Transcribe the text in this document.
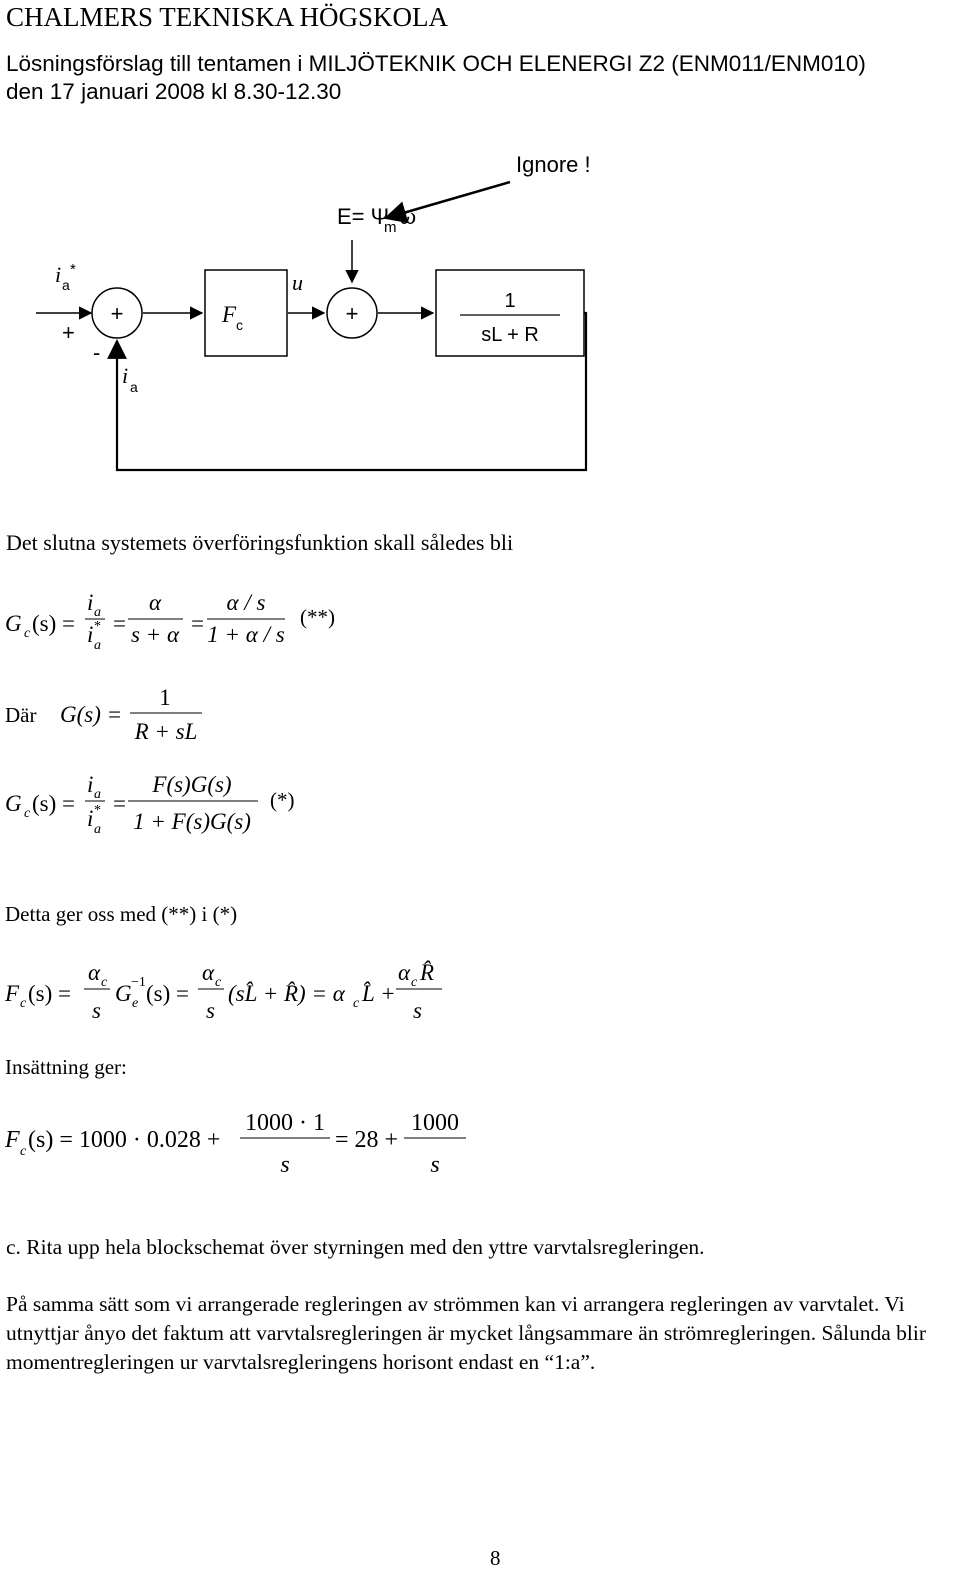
CHALMERS TEKNISKA HÖGSKOLA
Lösningsförslag till tentamen i MILJÖTEKNIK OCH ELENERGI Z2 (ENM011/ENM010)
den 17 januari 2008 kl 8.30-12.30
Ignore !
E= Ψ
m ω
i a
*
+
+
-
i a
F c
u
+	1
sL + R
Det slutna systemets överföringsfunktion skall således bli
G c (s) =
i a
i a
* =
α
s + α =
α / s
1 + α / s
(**)
Där G(s) =
1
R + sL
G c (s) =
i a
i a
* =
F(s)G(s)
1 + F(s)G(s)
(*)
Detta ger oss med (**) i (*)
F c (s) =
α c
s
G e
−1 (s) =
α c
s
(sL̂ + R̂) = α c L̂ +
α c R̂
s
Insättning ger:
F c (s) = 1000 · 0.028 +
1000 · 1
s
= 28 +
1000
s
c. Rita upp hela blockschemat över styrningen med den yttre varvtalsregleringen.
På samma sätt som vi arrangerade regleringen av strömmen kan vi arrangera regleringen av varvtalet. Vi utnyttjar ånyo det faktum att varvtalsregleringen är mycket långsammare än strömregleringen. Sålunda blir momentregleringen ur varvtalsregleringens horisont endast en “1:a”.
8
